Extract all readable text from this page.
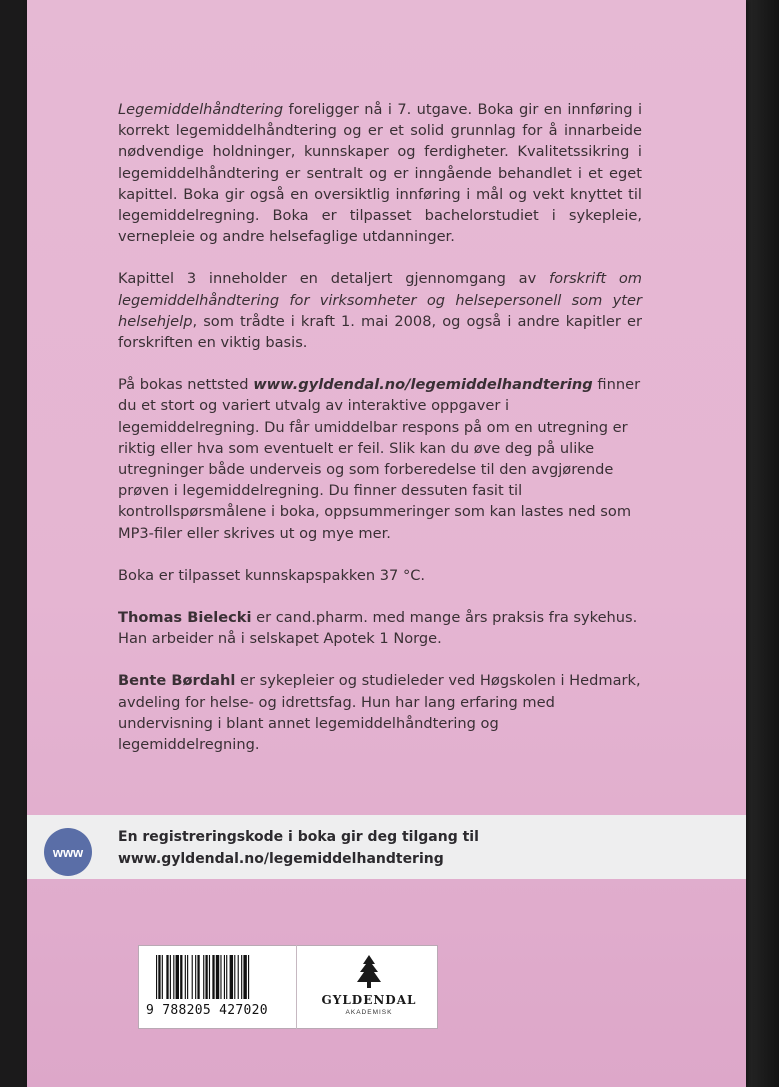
Legemiddelhåndtering foreligger nå i 7. utgave. Boka gir en innføring i korrekt legemiddelhåndtering og er et solid grunnlag for å innarbeide nødvendige holdninger, kunnskaper og ferdigheter. Kvalitetssikring i legemiddelhåndtering er sentralt og er inngående behandlet i et eget kapittel. Boka gir også en oversiktlig innføring i mål og vekt knyttet til legemiddelregning. Boka er tilpasset bachelorstudiet i sykepleie, vernepleie og andre helsefaglige utdanninger.

Kapittel 3 inneholder en detaljert gjennomgang av forskrift om legemiddelhåndtering for virksomheter og helsepersonell som yter helsehjelp, som trådte i kraft 1. mai 2008, og også i andre kapitler er forskriften en viktig basis.

På bokas nettsted www.gyldendal.no/legemiddelhandtering finner du et stort og variert utvalg av interaktive oppgaver i legemiddelregning. Du får umiddelbar respons på om en utregning er riktig eller hva som eventuelt er feil. Slik kan du øve deg på ulike utregninger både underveis og som forberedelse til den avgjørende prøven i legemiddelregning. Du finner dessuten fasit til kontrollspørsmålene i boka, oppsummeringer som kan lastes ned som MP3-filer eller skrives ut og mye mer.

Boka er tilpasset kunnskapspakken 37 °C.

Thomas Bielecki er cand.pharm. med mange års praksis fra sykehus. Han arbeider nå i selskapet Apotek 1 Norge.

Bente Børdahl er sykepleier og studieleder ved Høgskolen i Hedmark, avdeling for helse- og idrettsfag. Hun har lang erfaring med undervisning i blant annet legemiddelhåndtering og legemiddelregning.

www
En registreringskode i boka gir deg tilgang til
www.gyldendal.no/legemiddelhandtering
9 788205 427020
GYLDENDAL
AKADEMISK
